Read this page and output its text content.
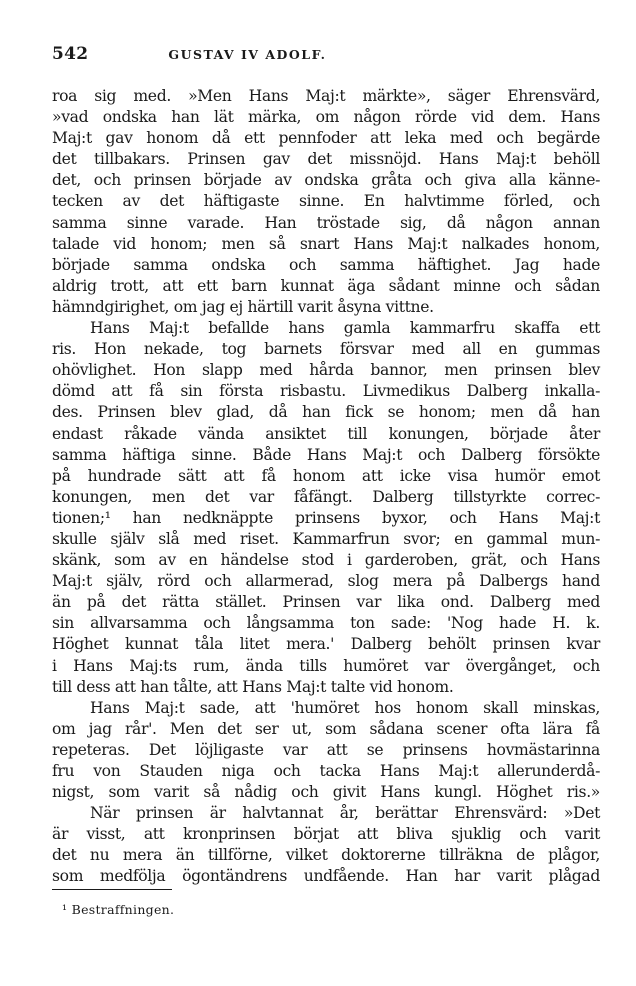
542	GUSTAV IV ADOLF.
roa sig med. »Men Hans Maj:t märkte», säger Ehrensvärd,
»vad ondska han lät märka, om någon rörde vid dem. Hans
Maj:t gav honom då ett pennfoder att leka med och begärde
det tillbakars. Prinsen gav det missnöjd. Hans Maj:t behöll
det, och prinsen började av ondska gråta och giva alla känne-
tecken av det häftigaste sinne. En halvtimme förled, och
samma sinne varade. Han tröstade sig, då någon annan
talade vid honom; men så snart Hans Maj:t nalkades honom,
började samma ondska och samma häftighet. Jag hade
aldrig trott, att ett barn kunnat äga sådant minne och sådan
hämndgirighet, om jag ej härtill varit åsyna vittne.
Hans Maj:t befallde hans gamla kammarfru skaffa ett
ris. Hon nekade, tog barnets försvar med all en gummas
ohövlighet. Hon slapp med hårda bannor, men prinsen blev
dömd att få sin första risbastu. Livmedikus Dalberg inkalla-
des. Prinsen blev glad, då han fick se honom; men då han
endast råkade vända ansiktet till konungen, började åter
samma häftiga sinne. Både Hans Maj:t och Dalberg försökte
på hundrade sätt att få honom att icke visa humör emot
konungen, men det var fåfängt. Dalberg tillstyrkte correc-
tionen;¹ han nedknäppte prinsens byxor, och Hans Maj:t
skulle själv slå med riset. Kammarfrun svor; en gammal mun-
skänk, som av en händelse stod i garderoben, grät, och Hans
Maj:t själv, rörd och allarmerad, slog mera på Dalbergs hand
än på det rätta stället. Prinsen var lika ond. Dalberg med
sin allvarsamma och långsamma ton sade: 'Nog hade H. k.
Höghet kunnat tåla litet mera.' Dalberg behölt prinsen kvar
i Hans Maj:ts rum, ända tills humöret var övergånget, och
till dess att han tålte, att Hans Maj:t talte vid honom.
Hans Maj:t sade, att 'humöret hos honom skall minskas,
om jag rår'. Men det ser ut, som sådana scener ofta lära få
repeteras. Det löjligaste var att se prinsens hovmästarinna
fru von Stauden niga och tacka Hans Maj:t allerunderdå-
nigst, som varit så nådig och givit Hans kungl. Höghet ris.»
När prinsen är halvtannat år, berättar Ehrensvärd: »Det
är visst, att kronprinsen börjat att bliva sjuklig och varit
det nu mera än tillförne, vilket doktorerne tillräkna de plågor,
som medfölja ögontändrens undfående. Han har varit plågad
¹ Bestraffningen.
